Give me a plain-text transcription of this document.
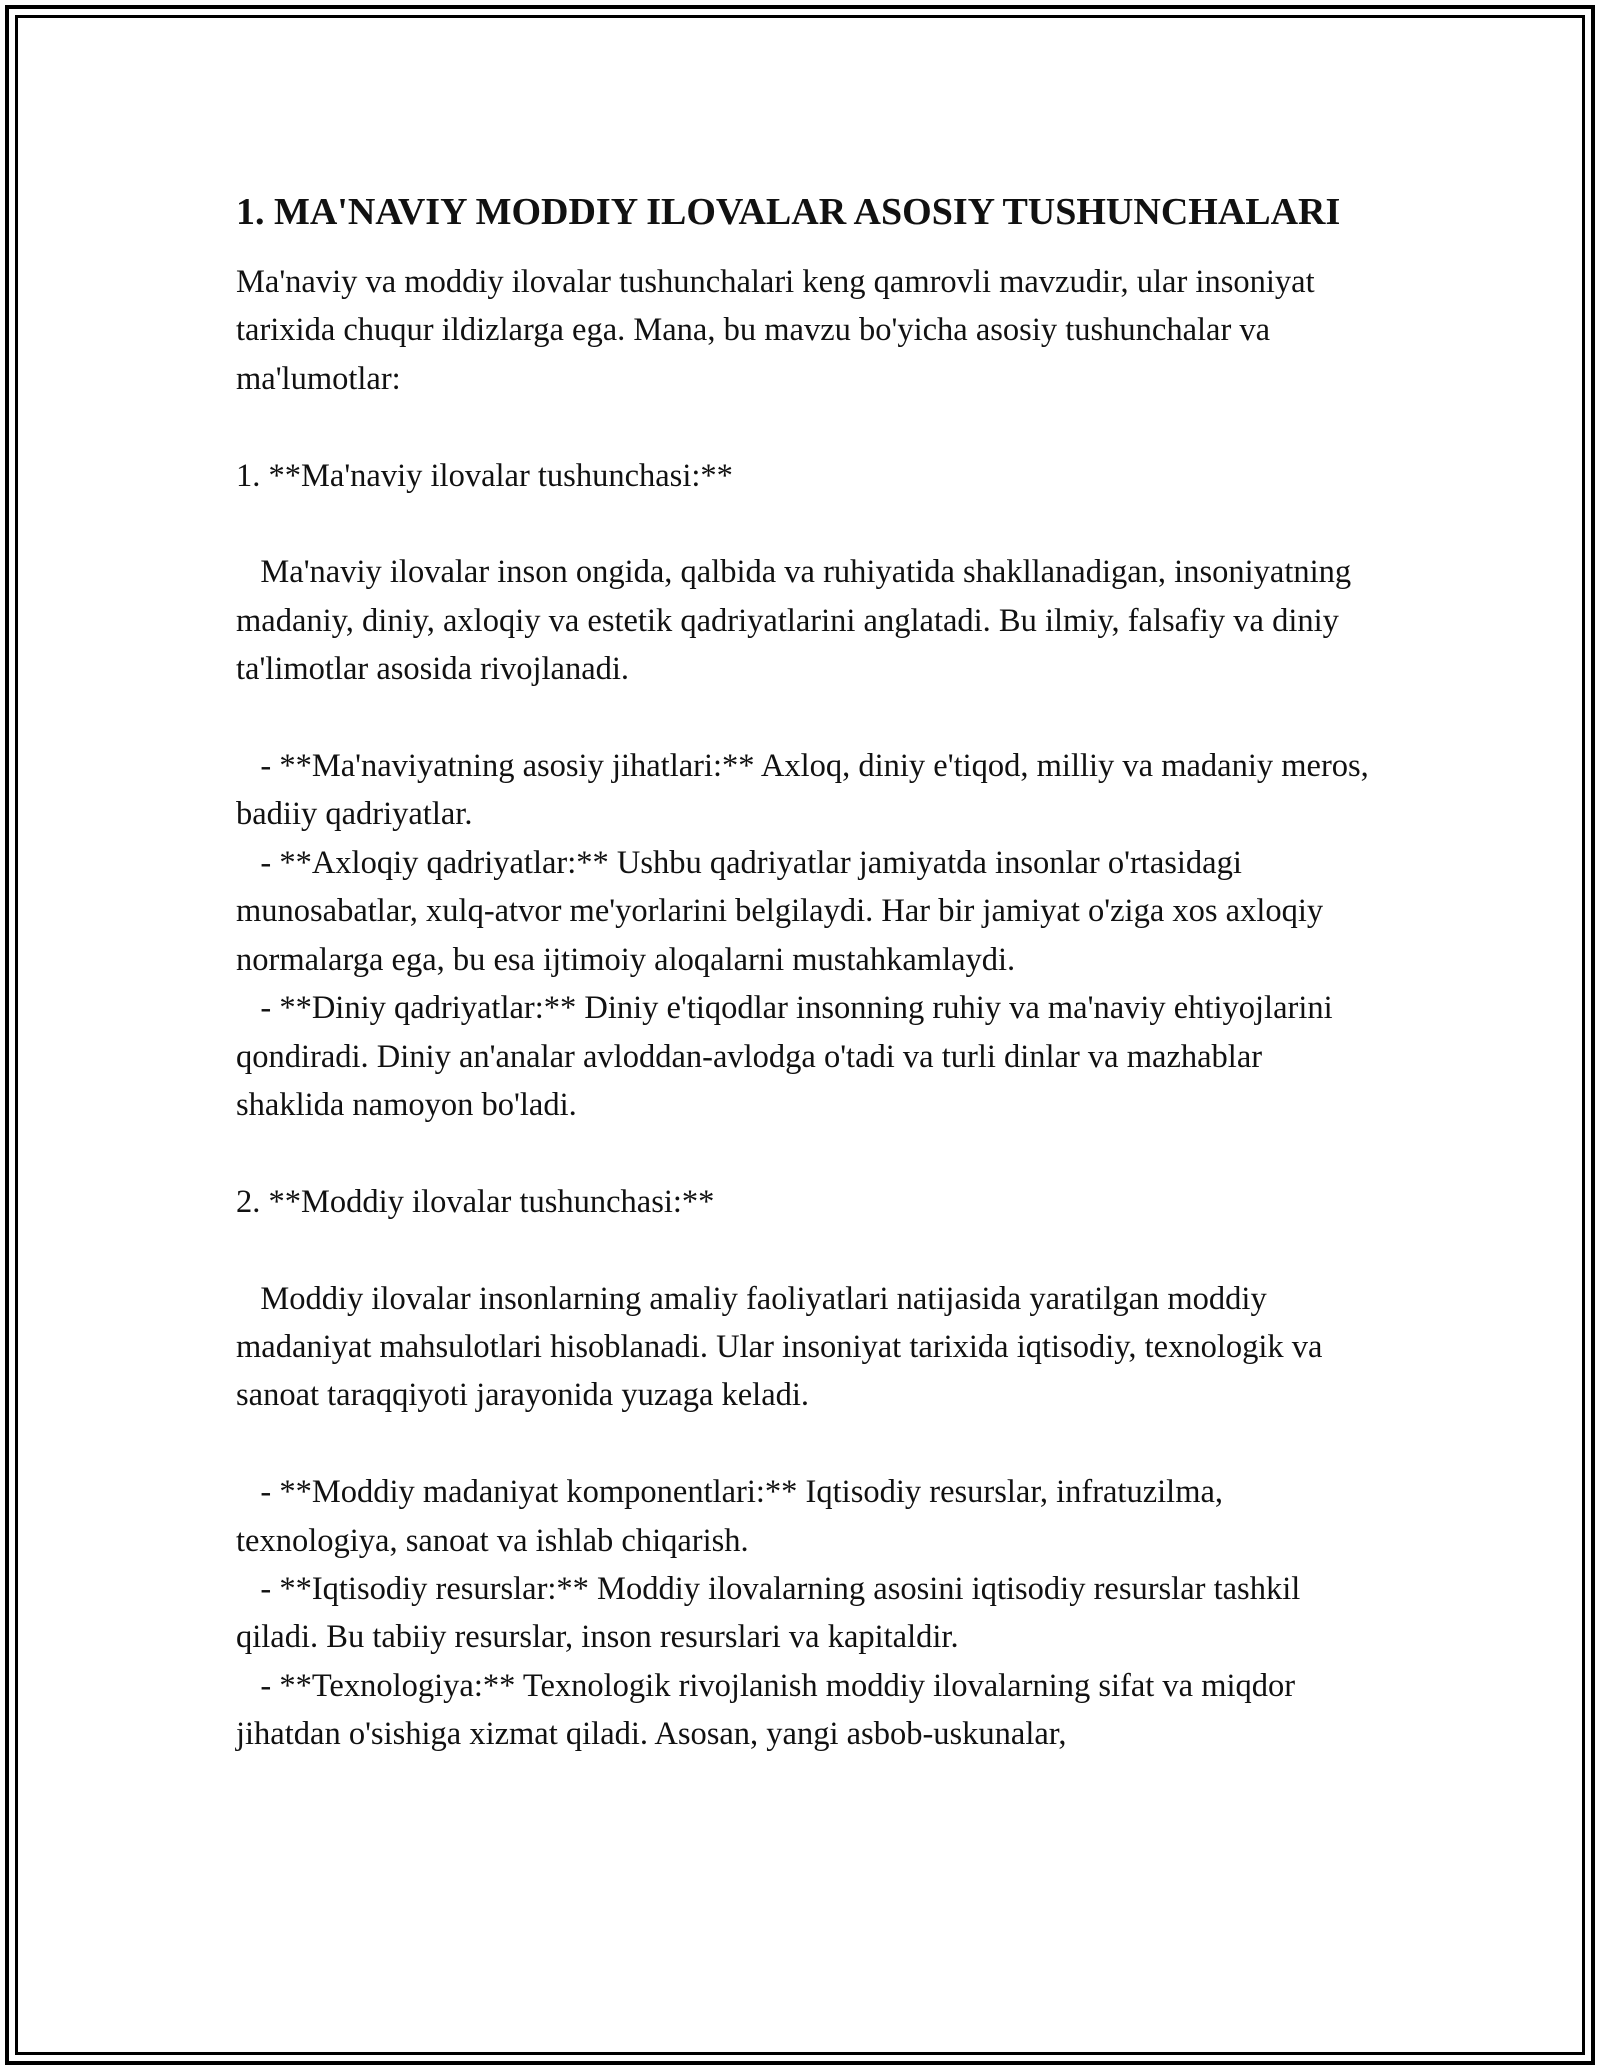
1. MA'NAVIY MODDIY ILOVALAR ASOSIY TUSHUNCHALARI

Ma'naviy va moddiy ilovalar tushunchalari keng qamrovli mavzudir, ular insoniyat tarixida chuqur ildizlarga ega. Mana, bu mavzu bo'yicha asosiy tushunchalar va ma'lumotlar:

1. **Ma'naviy ilovalar tushunchasi:**

Ma'naviy ilovalar inson ongida, qalbida va ruhiyatida shakllanadigan, insoniyatning madaniy, diniy, axloqiy va estetik qadriyatlarini anglatadi. Bu ilmiy, falsafiy va diniy ta'limotlar asosida rivojlanadi.

- **Ma'naviyatning asosiy jihatlari:** Axloq, diniy e'tiqod, milliy va madaniy meros, badiiy qadriyatlar.
- **Axloqiy qadriyatlar:** Ushbu qadriyatlar jamiyatda insonlar o'rtasidagi munosabatlar, xulq-atvor me'yorlarini belgilaydi. Har bir jamiyat o'ziga xos axloqiy normalarga ega, bu esa ijtimoiy aloqalarni mustahkamlaydi.
- **Diniy qadriyatlar:** Diniy e'tiqodlar insonning ruhiy va ma'naviy ehtiyojlarini qondiradi. Diniy an'analar avloddan-avlodga o'tadi va turli dinlar va mazhablar shaklida namoyon bo'ladi.

2. **Moddiy ilovalar tushunchasi:**

Moddiy ilovalar insonlarning amaliy faoliyatlari natijasida yaratilgan moddiy madaniyat mahsulotlari hisoblanadi. Ular insoniyat tarixida iqtisodiy, texnologik va sanoat taraqqiyoti jarayonida yuzaga keladi.

- **Moddiy madaniyat komponentlari:** Iqtisodiy resurslar, infratuzilma, texnologiya, sanoat va ishlab chiqarish.
- **Iqtisodiy resurslar:** Moddiy ilovalarning asosini iqtisodiy resurslar tashkil qiladi. Bu tabiiy resurslar, inson resurslari va kapitaldir.
- **Texnologiya:** Texnologik rivojlanish moddiy ilovalarning sifat va miqdor jihatdan o'sishiga xizmat qiladi. Asosan, yangi asbob-uskunalar,
